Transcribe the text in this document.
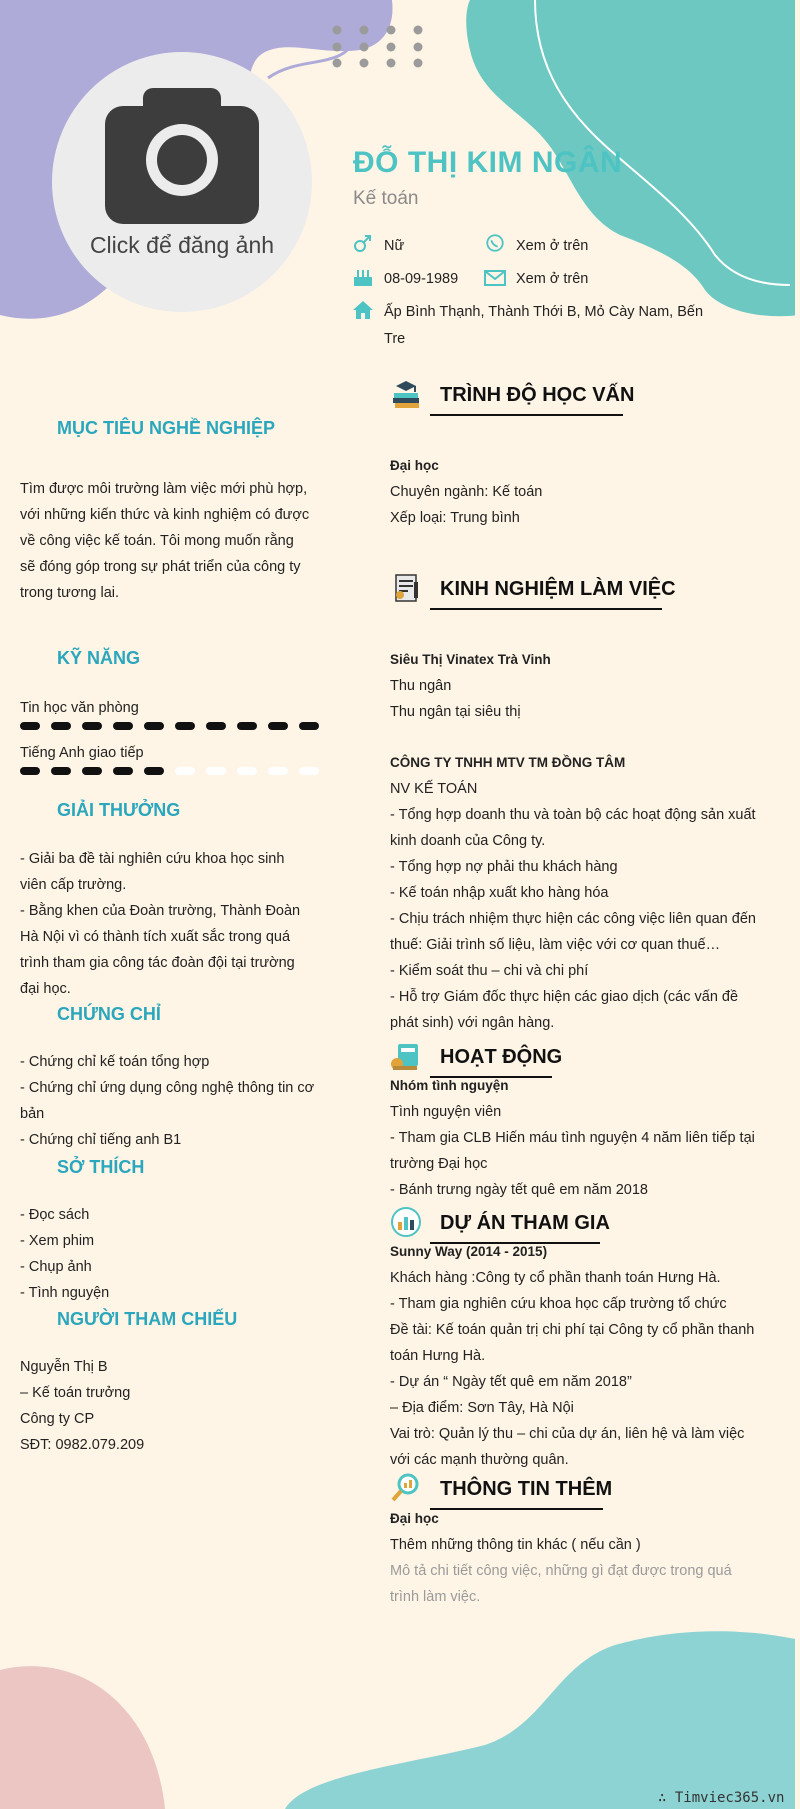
Click để đăng ảnh
ĐỖ THỊ KIM NGÂN
Kế toán
Nữ	Xem ở trên
08-09-1989	Xem ở trên
Ấp Bình Thạnh, Thành Thới B, Mỏ Cày Nam, Bến
Tre
MỤC TIÊU NGHỀ NGHIỆP

Tìm được môi trường làm việc mới phù hợp,

với những kiến thức và kinh nghiệm có được

về công việc kế toán. Tôi mong muốn rằng

sẽ đóng góp trong sự phát triển của công ty

trong tương lai.

KỸ NĂNG
Tin học văn phòng
Tiếng Anh giao tiếp
GIẢI THƯỞNG

- Giải ba đề tài nghiên cứu khoa học sinh

viên cấp trường.

- Bằng khen của Đoàn trường, Thành Đoàn

Hà Nội vì có thành tích xuất sắc trong quá

trình tham gia công tác đoàn đội tại trường

đại học.

CHỨNG CHỈ

- Chứng chỉ kế toán tổng hợp

- Chứng chỉ ứng dụng công nghệ thông tin cơ

bản

- Chứng chỉ tiếng anh B1

SỞ THÍCH

- Đọc sách

- Xem phim

- Chụp ảnh

- Tình nguyện

NGƯỜI THAM CHIẾU

Nguyễn Thị B

– Kế toán trưởng

Công ty CP

SĐT: 0982.079.209

TRÌNH ĐỘ HỌC VẤN

Đại học

Chuyên ngành: Kế toán

Xếp loại: Trung bình

KINH NGHIỆM LÀM VIỆC

Siêu Thị Vinatex Trà Vinh

Thu ngân

Thu ngân tại siêu thị

CÔNG TY TNHH MTV TM ĐỒNG TÂM

NV KẾ TOÁN

- Tổng hợp doanh thu và toàn bộ các hoạt động sản xuất

kinh doanh của Công ty.

- Tổng hợp nợ phải thu khách hàng

- Kế toán nhập xuất kho hàng hóa

- Chịu trách nhiệm thực hiện các công việc liên quan đến

thuế: Giải trình số liệu, làm việc với cơ quan thuế…

- Kiểm soát thu – chi và chi phí

- Hỗ trợ Giám đốc thực hiện các giao dịch (các vấn đề

phát sinh) với ngân hàng.

HOẠT ĐỘNG

Nhóm tình nguyện

Tình nguyện viên

- Tham gia CLB Hiến máu tình nguyện 4 năm liên tiếp tại

trường Đại học

- Bánh trưng ngày tết quê em năm 2018

DỰ ÁN THAM GIA

Sunny Way (2014 - 2015)

Khách hàng :Công ty cổ phần thanh toán Hưng Hà.

- Tham gia nghiên cứu khoa học cấp trường tổ chức

Đề tài: Kế toán quản trị chi phí tại Công ty cổ phần thanh

toán Hưng Hà.

- Dự án “ Ngày tết quê em năm 2018”

– Địa điểm: Sơn Tây, Hà Nội

Vai trò: Quản lý thu – chi của dự án, liên hệ và làm việc

với các mạnh thường quân.

THÔNG TIN THÊM

Đại học

Thêm những thông tin khác ( nếu cần )

Mô tả chi tiết công việc, những gì đạt được trong quá

trình làm việc.

∴ Timviec365.vn
